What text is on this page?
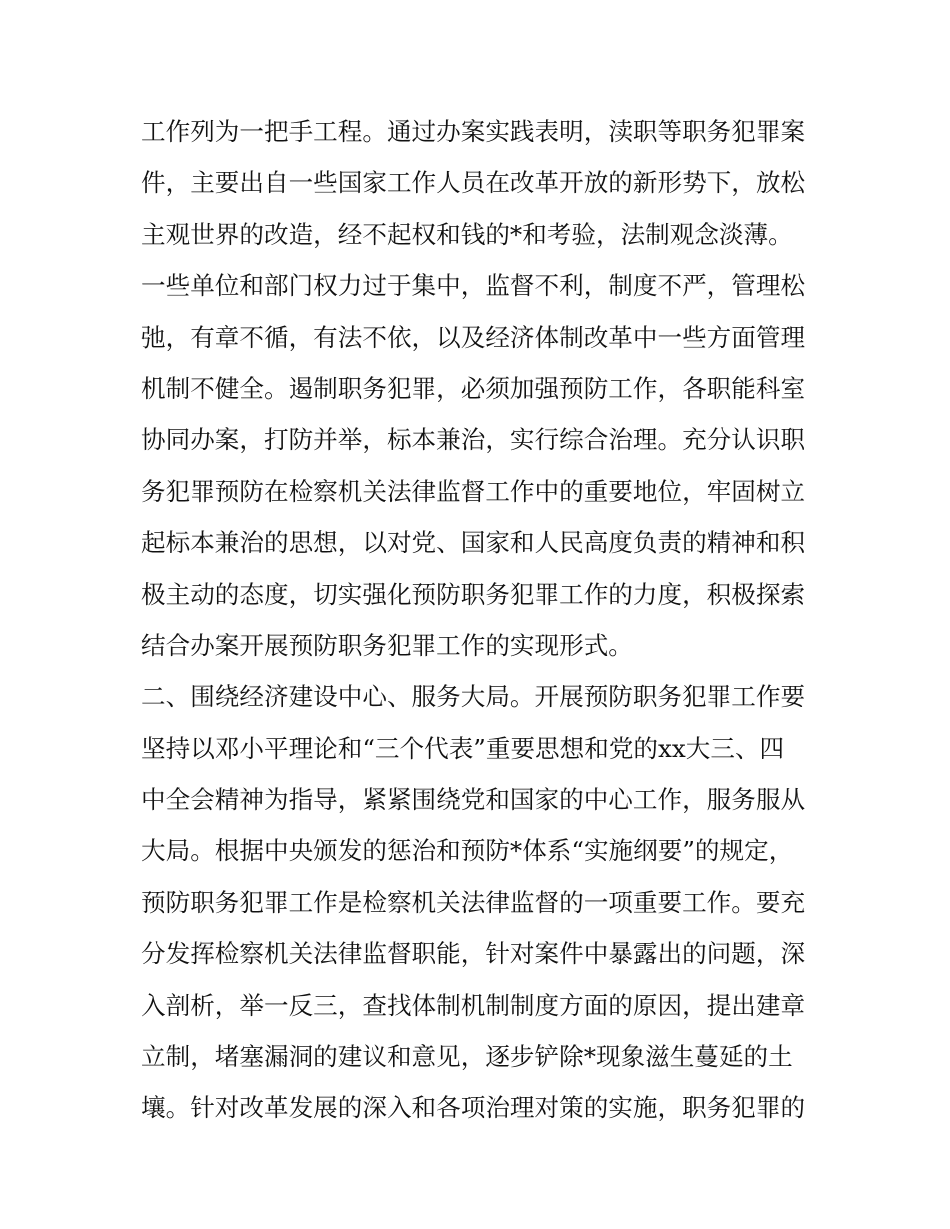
工作列为一把手工程。通过办案实践表明，渎职等职务犯罪案
件，主要出自一些国家工作人员在改革开放的新形势下，放松
主观世界的改造，经不起权和钱的*和考验，法制观念淡薄。
一些单位和部门权力过于集中，监督不利，制度不严，管理松
弛，有章不循，有法不依，以及经济体制改革中一些方面管理
机制不健全。遏制职务犯罪，必须加强预防工作，各职能科室
协同办案，打防并举，标本兼治，实行综合治理。充分认识职
务犯罪预防在检察机关法律监督工作中的重要地位，牢固树立
起标本兼治的思想，以对党、国家和人民高度负责的精神和积
极主动的态度，切实强化预防职务犯罪工作的力度，积极探索
结合办案开展预防职务犯罪工作的实现形式。
二、围绕经济建设中心、服务大局。开展预防职务犯罪工作要
坚持以邓小平理论和“三个代表”重要思想和党的xx大三、四
中全会精神为指导，紧紧围绕党和国家的中心工作，服务服从
大局。根据中央颁发的惩治和预防*体系“实施纲要”的规定，
预防职务犯罪工作是检察机关法律监督的一项重要工作。要充
分发挥检察机关法律监督职能，针对案件中暴露出的问题，深
入剖析，举一反三，查找体制机制制度方面的原因，提出建章
立制，堵塞漏洞的建议和意见，逐步铲除*现象滋生蔓延的土
壤。针对改革发展的深入和各项治理对策的实施，职务犯罪的
